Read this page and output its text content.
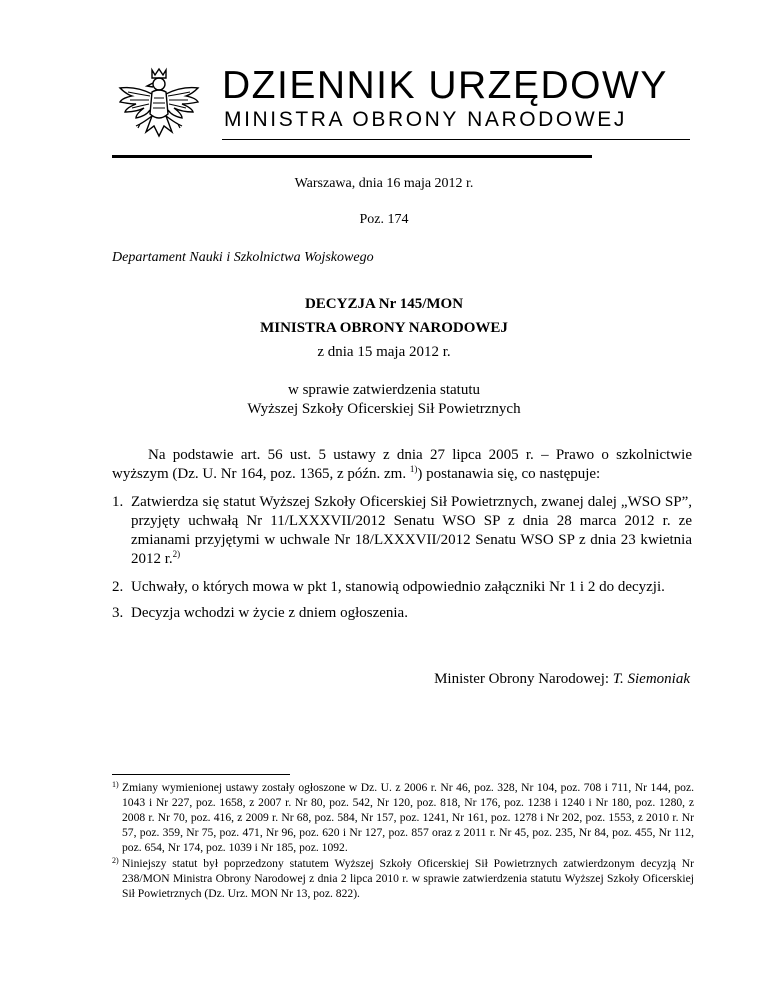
DZIENNIK URZĘDOWY
MINISTRA OBRONY NARODOWEJ
Warszawa, dnia 16 maja 2012 r.
Poz. 174
Departament Nauki i Szkolnictwa Wojskowego
DECYZJA Nr 145/MON
MINISTRA OBRONY NARODOWEJ
z dnia 15 maja 2012 r.
w sprawie zatwierdzenia statutu
Wyższej Szkoły Oficerskiej Sił Powietrznych
Na podstawie art. 56 ust. 5 ustawy z dnia 27 lipca 2005 r. – Prawo o szkolnictwie wyższym (Dz. U. Nr 164, poz. 1365, z późn. zm. $^{1)}$) postanawia się, co następuje:
1. Zatwierdza się statut Wyższej Szkoły Oficerskiej Sił Powietrznych, zwanej dalej „WSO SP”, przyjęty uchwałą Nr 11/LXXXVII/2012 Senatu WSO SP z dnia 28 marca 2012 r. ze zmianami przyjętymi w uchwale Nr 18/LXXXVII/2012 Senatu WSO SP z dnia 23 kwietnia 2012 r.$^{2)}$
2. Uchwały, o których mowa w pkt 1, stanowią odpowiednio załączniki Nr 1 i 2 do decyzji.
3. Decyzja wchodzi w życie z dniem ogłoszenia.
Minister Obrony Narodowej: T. Siemoniak
1) Zmiany wymienionej ustawy zostały ogłoszone w Dz. U. z 2006 r. Nr 46, poz. 328, Nr 104, poz. 708 i 711, Nr 144, poz. 1043 i Nr 227, poz. 1658, z 2007 r. Nr 80, poz. 542, Nr 120, poz. 818, Nr 176, poz. 1238 i 1240 i Nr 180, poz. 1280, z 2008 r. Nr 70, poz. 416, z 2009 r. Nr 68, poz. 584, Nr 157, poz. 1241, Nr 161, poz. 1278 i Nr 202, poz. 1553, z 2010 r. Nr 57, poz. 359, Nr 75, poz. 471, Nr 96, poz. 620 i Nr 127, poz. 857 oraz z 2011 r. Nr 45, poz. 235, Nr 84, poz. 455, Nr 112, poz. 654, Nr 174, poz. 1039 i Nr 185, poz. 1092.
2) Niniejszy statut był poprzedzony statutem Wyższej Szkoły Oficerskiej Sił Powietrznych zatwierdzonym decyzją Nr 238/MON Ministra Obrony Narodowej z dnia 2 lipca 2010 r. w sprawie zatwierdzenia statutu Wyższej Szkoły Oficerskiej Sił Powietrznych (Dz. Urz. MON Nr 13, poz. 822).
